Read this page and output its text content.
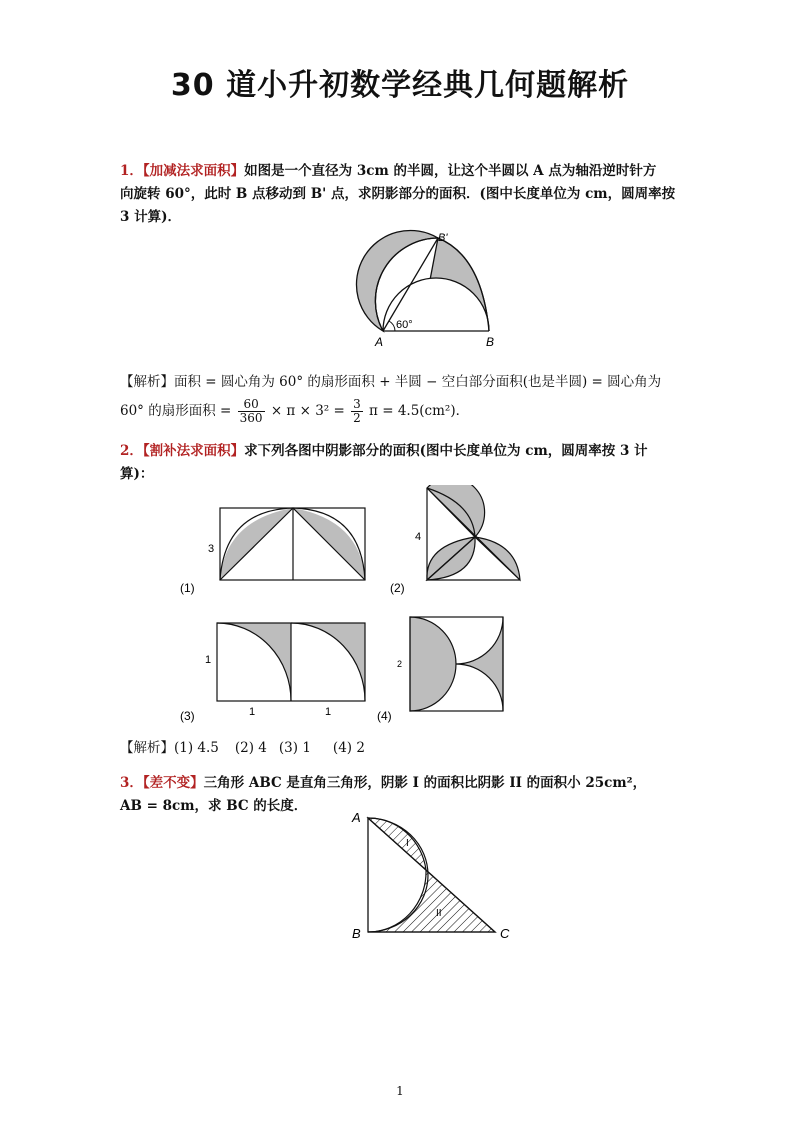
30 道小升初数学经典几何题解析
1．【加减法求面积】如图是一个直径为 3cm 的半圆，让这个半圆以 A 点为轴沿逆时针方
向旋转 60°，此时 B 点移动到 B' 点，求阴影部分的面积．(图中长度单位为 cm，圆周率按
3 计算)．
60°
A	B
B'
【解析】面积 = 圆心角为 60° 的扇形面积 + 半圆 − 空白部分面积(也是半圆) = 圆心角为
60° 的扇形面积 = $\frac{60}{360} \times \pi \times 3^2 = \frac{3}{2}$ π = 4.5(cm²)．
2．【割补法求面积】求下列各图中阴影部分的面积(图中长度单位为 cm，圆周率按 3 计
算)：
3
(1)
4
(2)
1
1	1
(3)
2
(4)
【解析】(1) 4.5 (2) 4 (3) 1 (4) 2
3．【差不变】三角形 ABC 是直角三角形，阴影 I 的面积比阴影 II 的面积小 25cm²，
AB = 8cm，求 BC 的长度．
I
II
A
B	C
1
